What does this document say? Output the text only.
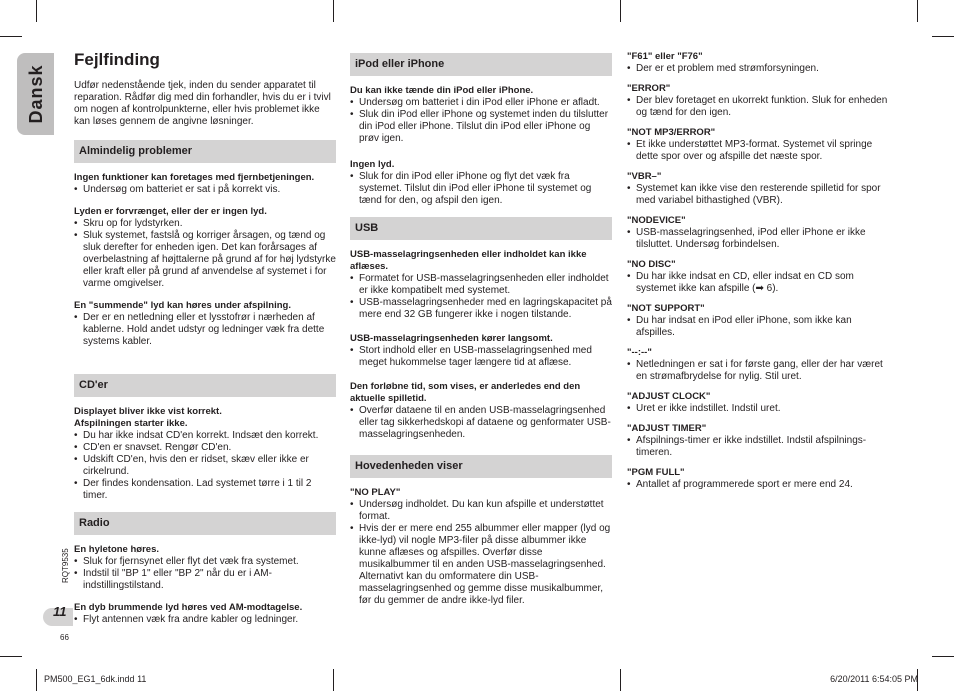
Dansk
11
RQT9535
66
Fejlfinding

Udfør nedenstående tjek, inden du sender apparatet til reparation. Rådfør dig med din forhandler, hvis du er i tvivl om nogen af kontrolpunkterne, eller hvis problemet ikke kan løses gennem de angivne løsninger.

Almindelig problemer
Ingen funktioner kan foretages med fjernbetjeningen.
• Undersøg om batteriet er sat i på korrekt vis.
Lyden er forvrænget, eller der er ingen lyd.
• Skru op for lydstyrken.
• Sluk systemet, fastslå og korriger årsagen, og tænd og sluk derefter for enheden igen. Det kan forårsages af overbelastning af højttalerne på grund af for høj lydstyrke eller kraft eller på grund af anvendelse af systemet i for varme omgivelser.
En "summende" lyd kan høres under afspilning.
• Der er en netledning eller et lysstofrør i nærheden af kablerne. Hold andet udstyr og ledninger væk fra dette systems kabler.
CD'er
Displayet bliver ikke vist korrekt.
Afspilningen starter ikke.
• Du har ikke indsat CD'en korrekt. Indsæt den korrekt.
• CD'en er snavset. Rengør CD'en.
• Udskift CD'en, hvis den er ridset, skæv eller ikke er cirkelrund.
• Der findes kondensation. Lad systemet tørre i 1 til 2 timer.
Radio
En hyletone høres.
• Sluk for fjernsynet eller flyt det væk fra systemet.
• Indstil til "BP 1" eller "BP 2" når du er i AM-indstillingstilstand.
En dyb brummende lyd høres ved AM-modtagelse.
• Flyt antennen væk fra andre kabler og ledninger.
iPod eller iPhone
Du kan ikke tænde din iPod eller iPhone.
• Undersøg om batteriet i din iPod eller iPhone er afladt.
• Sluk din iPod eller iPhone og systemet inden du tilslutter din iPod eller iPhone. Tilslut din iPod eller iPhone og prøv igen.
Ingen lyd.
• Sluk for din iPod eller iPhone og flyt det væk fra systemet. Tilslut din iPod eller iPhone til systemet og tænd for den, og afspil den igen.
USB
USB-masselagringsenheden eller indholdet kan ikke aflæses.
• Formatet for USB-masselagringsenheden eller indholdet er ikke kompatibelt med systemet.
• USB-masselagringsenheder med en lagringskapacitet på mere end 32 GB fungerer ikke i nogen tilstande.
USB-masselagringsenheden kører langsomt.
• Stort indhold eller en USB-masselagringsenhed med meget hukommelse tager længere tid at aflæse.
Den forløbne tid, som vises, er anderledes end den aktuelle spilletid.
• Overfør dataene til en anden USB-masselagringsenhed eller tag sikkerhedskopi af dataene og genformater USB-masselagringsenheden.
Hovedenheden viser
"NO PLAY"
• Undersøg indholdet. Du kan kun afspille et understøttet format.
• Hvis der er mere end 255 albummer eller mapper (lyd og ikke-lyd) vil nogle MP3-filer på disse albummer ikke kunne aflæses og afspilles. Overfør disse musikalbummer til en anden USB-masselagringsenhed. Alternativt kan du omformatere din USB-masselagringsenhed og gemme disse musikalbummer, før du gemmer de andre ikke-lyd filer.
"F61" eller "F76"
• Der er et problem med strømforsyningen.
"ERROR"
• Der blev foretaget en ukorrekt funktion. Sluk for enheden og tænd for den igen.
"NOT MP3/ERROR"
• Et ikke understøttet MP3-format. Systemet vil springe dette spor over og afspille det næste spor.
"VBR–"
• Systemet kan ikke vise den resterende spilletid for spor med variabel bithastighed (VBR).
"NODEVICE"
• USB-masselagringsenhed, iPod eller iPhone er ikke tilsluttet. Undersøg forbindelsen.
"NO DISC"
• Du har ikke indsat en CD, eller indsat en CD som systemet ikke kan afspille (➡ 6).
"NOT SUPPORT"
• Du har indsat en iPod eller iPhone, som ikke kan afspilles.
"--:--"
• Netledningen er sat i for første gang, eller der har været en strømafbrydelse for nylig. Stil uret.
"ADJUST CLOCK"
• Uret er ikke indstillet. Indstil uret.
"ADJUST TIMER"
• Afspilnings-timer er ikke indstillet. Indstil afspilnings-timeren.
"PGM FULL"
• Antallet af programmerede sport er mere end 24.
PM500_EG1_6dk.indd 11	6/20/2011 6:54:05 PM
